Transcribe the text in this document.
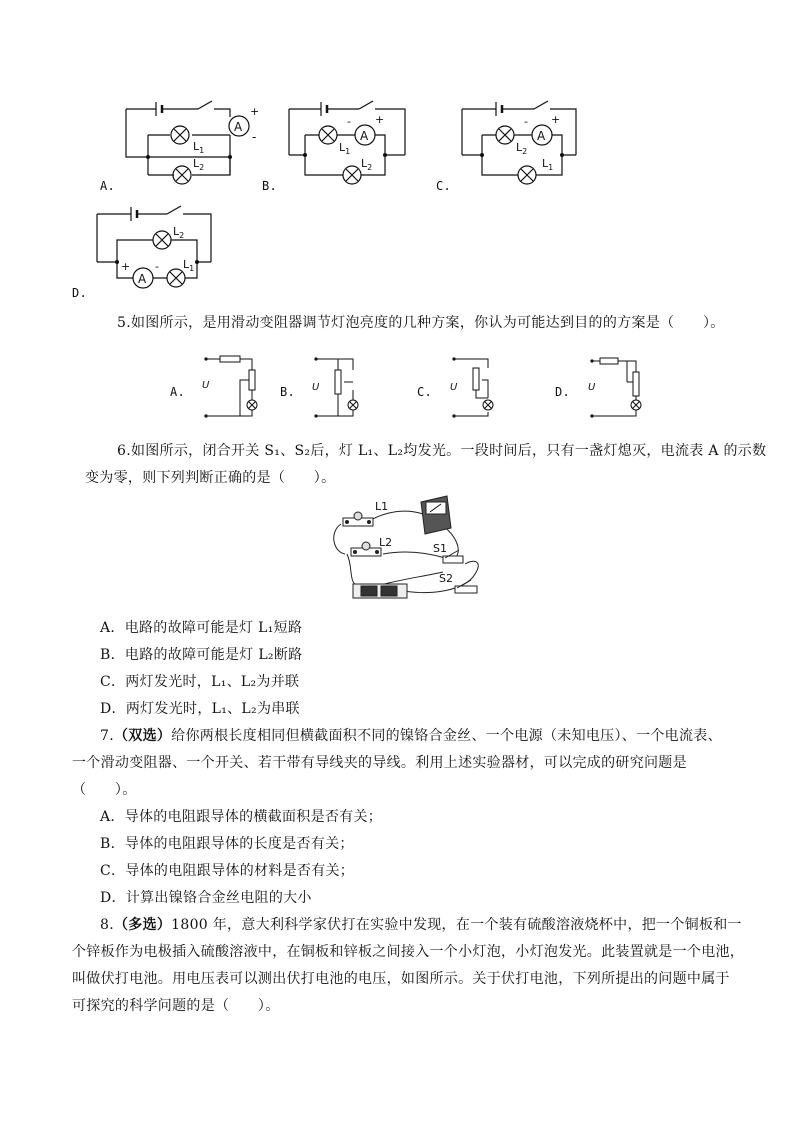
A
+
-
$L_1$
$L_2$
A.
A
- +
$L_1$
$L_2$
B.
A
- +
$L_2$
$L_1$
C.
A
+ -
$L_2$
$L_1$
D.
5.如图所示，是用滑动变阻器调节灯泡亮度的几种方案，你认为可能达到目的的方案是（　　）。
A. U	B. U	C. U	D. U
6.如图所示，闭合开关 S₁、S₂后，灯 L₁、L₂均发光。一段时间后，只有一盏灯熄灭，电流表 A 的示数
变为零，则下列判断正确的是（　　）。
L1
L2	S1
S2
A．电路的故障可能是灯 L₁短路
B．电路的故障可能是灯 L₂断路
C．两灯发光时，L₁、L₂为并联
D．两灯发光时，L₁、L₂为串联
7.（双选）给你两根长度相同但横截面积不同的镍铬合金丝、一个电源（未知电压）、一个电流表、
一个滑动变阻器、一个开关、若干带有导线夹的导线。利用上述实验器材，可以完成的研究问题是
（　　）。
A．导体的电阻跟导体的横截面积是否有关；
B．导体的电阻跟导体的长度是否有关；
C．导体的电阻跟导体的材料是否有关；
D．计算出镍铬合金丝电阻的大小
8.（多选）1800 年，意大利科学家伏打在实验中发现，在一个装有硫酸溶液烧杯中，把一个铜板和一
个锌板作为电极插入硫酸溶液中，在铜板和锌板之间接入一个小灯泡，小灯泡发光。此装置就是一个电池，
叫做伏打电池。用电压表可以测出伏打电池的电压，如图所示。关于伏打电池，下列所提出的问题中属于
可探究的科学问题的是（　　）。
